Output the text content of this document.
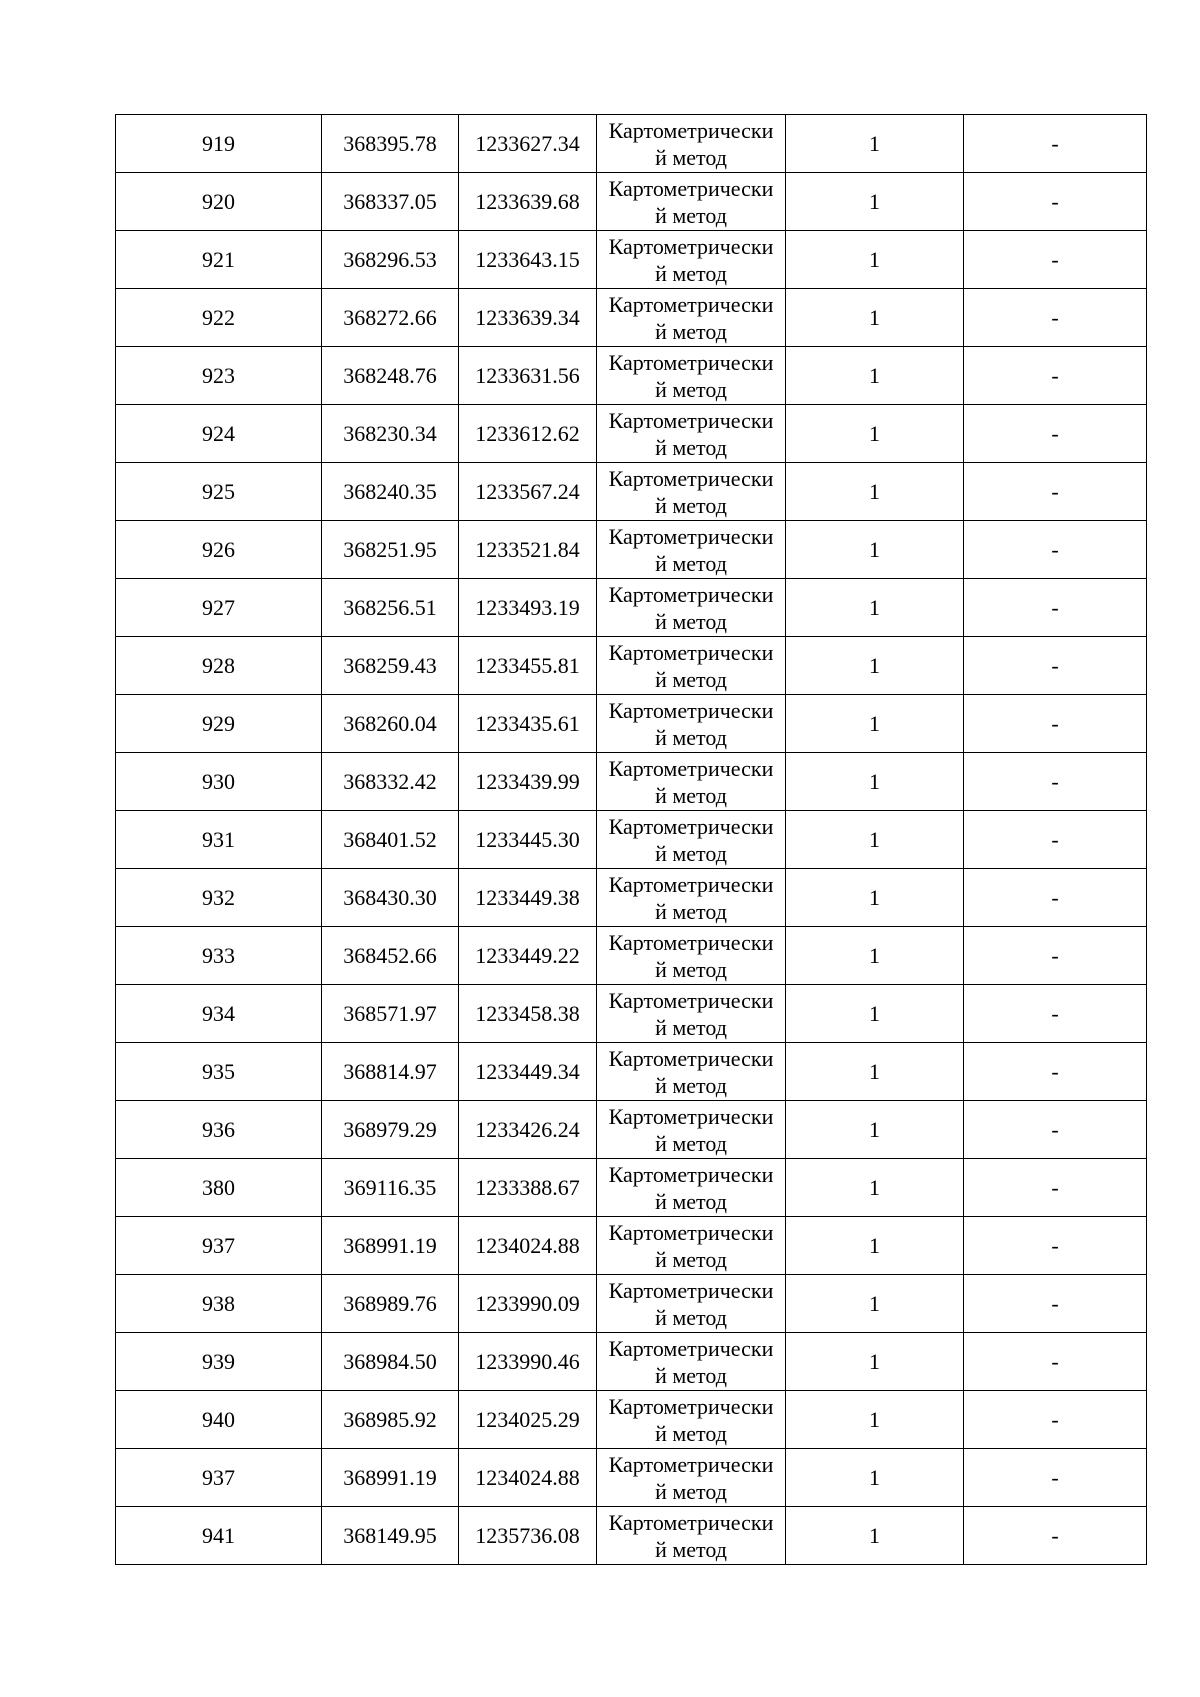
919	368395.78	1233627.34	Картометрически
й метод	1	-
920	368337.05	1233639.68	Картометрически
й метод	1	-
921	368296.53	1233643.15	Картометрически
й метод	1	-
922	368272.66	1233639.34	Картометрически
й метод	1	-
923	368248.76	1233631.56	Картометрически
й метод	1	-
924	368230.34	1233612.62	Картометрически
й метод	1	-
925	368240.35	1233567.24	Картометрически
й метод	1	-
926	368251.95	1233521.84	Картометрически
й метод	1	-
927	368256.51	1233493.19	Картометрически
й метод	1	-
928	368259.43	1233455.81	Картометрически
й метод	1	-
929	368260.04	1233435.61	Картометрически
й метод	1	-
930	368332.42	1233439.99	Картометрически
й метод	1	-
931	368401.52	1233445.30	Картометрически
й метод	1	-
932	368430.30	1233449.38	Картометрически
й метод	1	-
933	368452.66	1233449.22	Картометрически
й метод	1	-
934	368571.97	1233458.38	Картометрически
й метод	1	-
935	368814.97	1233449.34	Картометрически
й метод	1	-
936	368979.29	1233426.24	Картометрически
й метод	1	-
380	369116.35	1233388.67	Картометрически
й метод	1	-
937	368991.19	1234024.88	Картометрически
й метод	1	-
938	368989.76	1233990.09	Картометрически
й метод	1	-
939	368984.50	1233990.46	Картометрически
й метод	1	-
940	368985.92	1234025.29	Картометрически
й метод	1	-
937	368991.19	1234024.88	Картометрически
й метод	1	-
941	368149.95	1235736.08	Картометрически
й метод	1	-
